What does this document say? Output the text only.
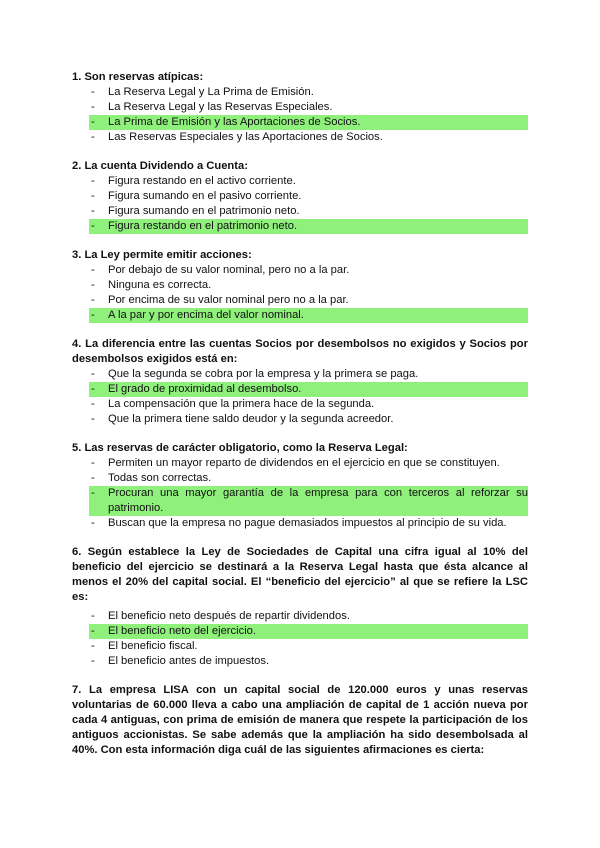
1. Son reservas atípicas:
- La Reserva Legal y La Prima de Emisión.
- La Reserva Legal y las Reservas Especiales.
- La Prima de Emisión y las Aportaciones de Socios.
- Las Reservas Especiales y las Aportaciones de Socios.
2. La cuenta Dividendo a Cuenta:
- Figura restando en el activo corriente.
- Figura sumando en el pasivo corriente.
- Figura sumando en el patrimonio neto.
- Figura restando en el patrimonio neto.
3. La Ley permite emitir acciones:
- Por debajo de su valor nominal, pero no a la par.
- Ninguna es correcta.
- Por encima de su valor nominal pero no a la par.
- A la par y por encima del valor nominal.
4. La diferencia entre las cuentas Socios por desembolsos no exigidos y Socios por desembolsos exigidos está en:
- Que la segunda se cobra por la empresa y la primera se paga.
- El grado de proximidad al desembolso.
- La compensación que la primera hace de la segunda.
- Que la primera tiene saldo deudor y la segunda acreedor.
5. Las reservas de carácter obligatorio, como la Reserva Legal:
- Permiten un mayor reparto de dividendos en el ejercicio en que se constituyen.
- Todas son correctas.
- Procuran una mayor garantía de la empresa para con terceros al reforzar su patrimonio.
- Buscan que la empresa no pague demasiados impuestos al principio de su vida.
6. Según establece la Ley de Sociedades de Capital una cifra igual al 10% del beneficio del ejercicio se destinará a la Reserva Legal hasta que ésta alcance al menos el 20% del capital social. El “beneficio del ejercicio” al que se refiere la LSC es:
- El beneficio neto después de repartir dividendos.
- El beneficio neto del ejercicio.
- El beneficio fiscal.
- El beneficio antes de impuestos.
7. La empresa LISA con un capital social de 120.000 euros y unas reservas voluntarias de 60.000 lleva a cabo una ampliación de capital de 1 acción nueva por cada 4 antiguas, con prima de emisión de manera que respete la participación de los antiguos accionistas. Se sabe además que la ampliación ha sido desembolsada al 40%. Con esta información diga cuál de las siguientes afirmaciones es cierta:
